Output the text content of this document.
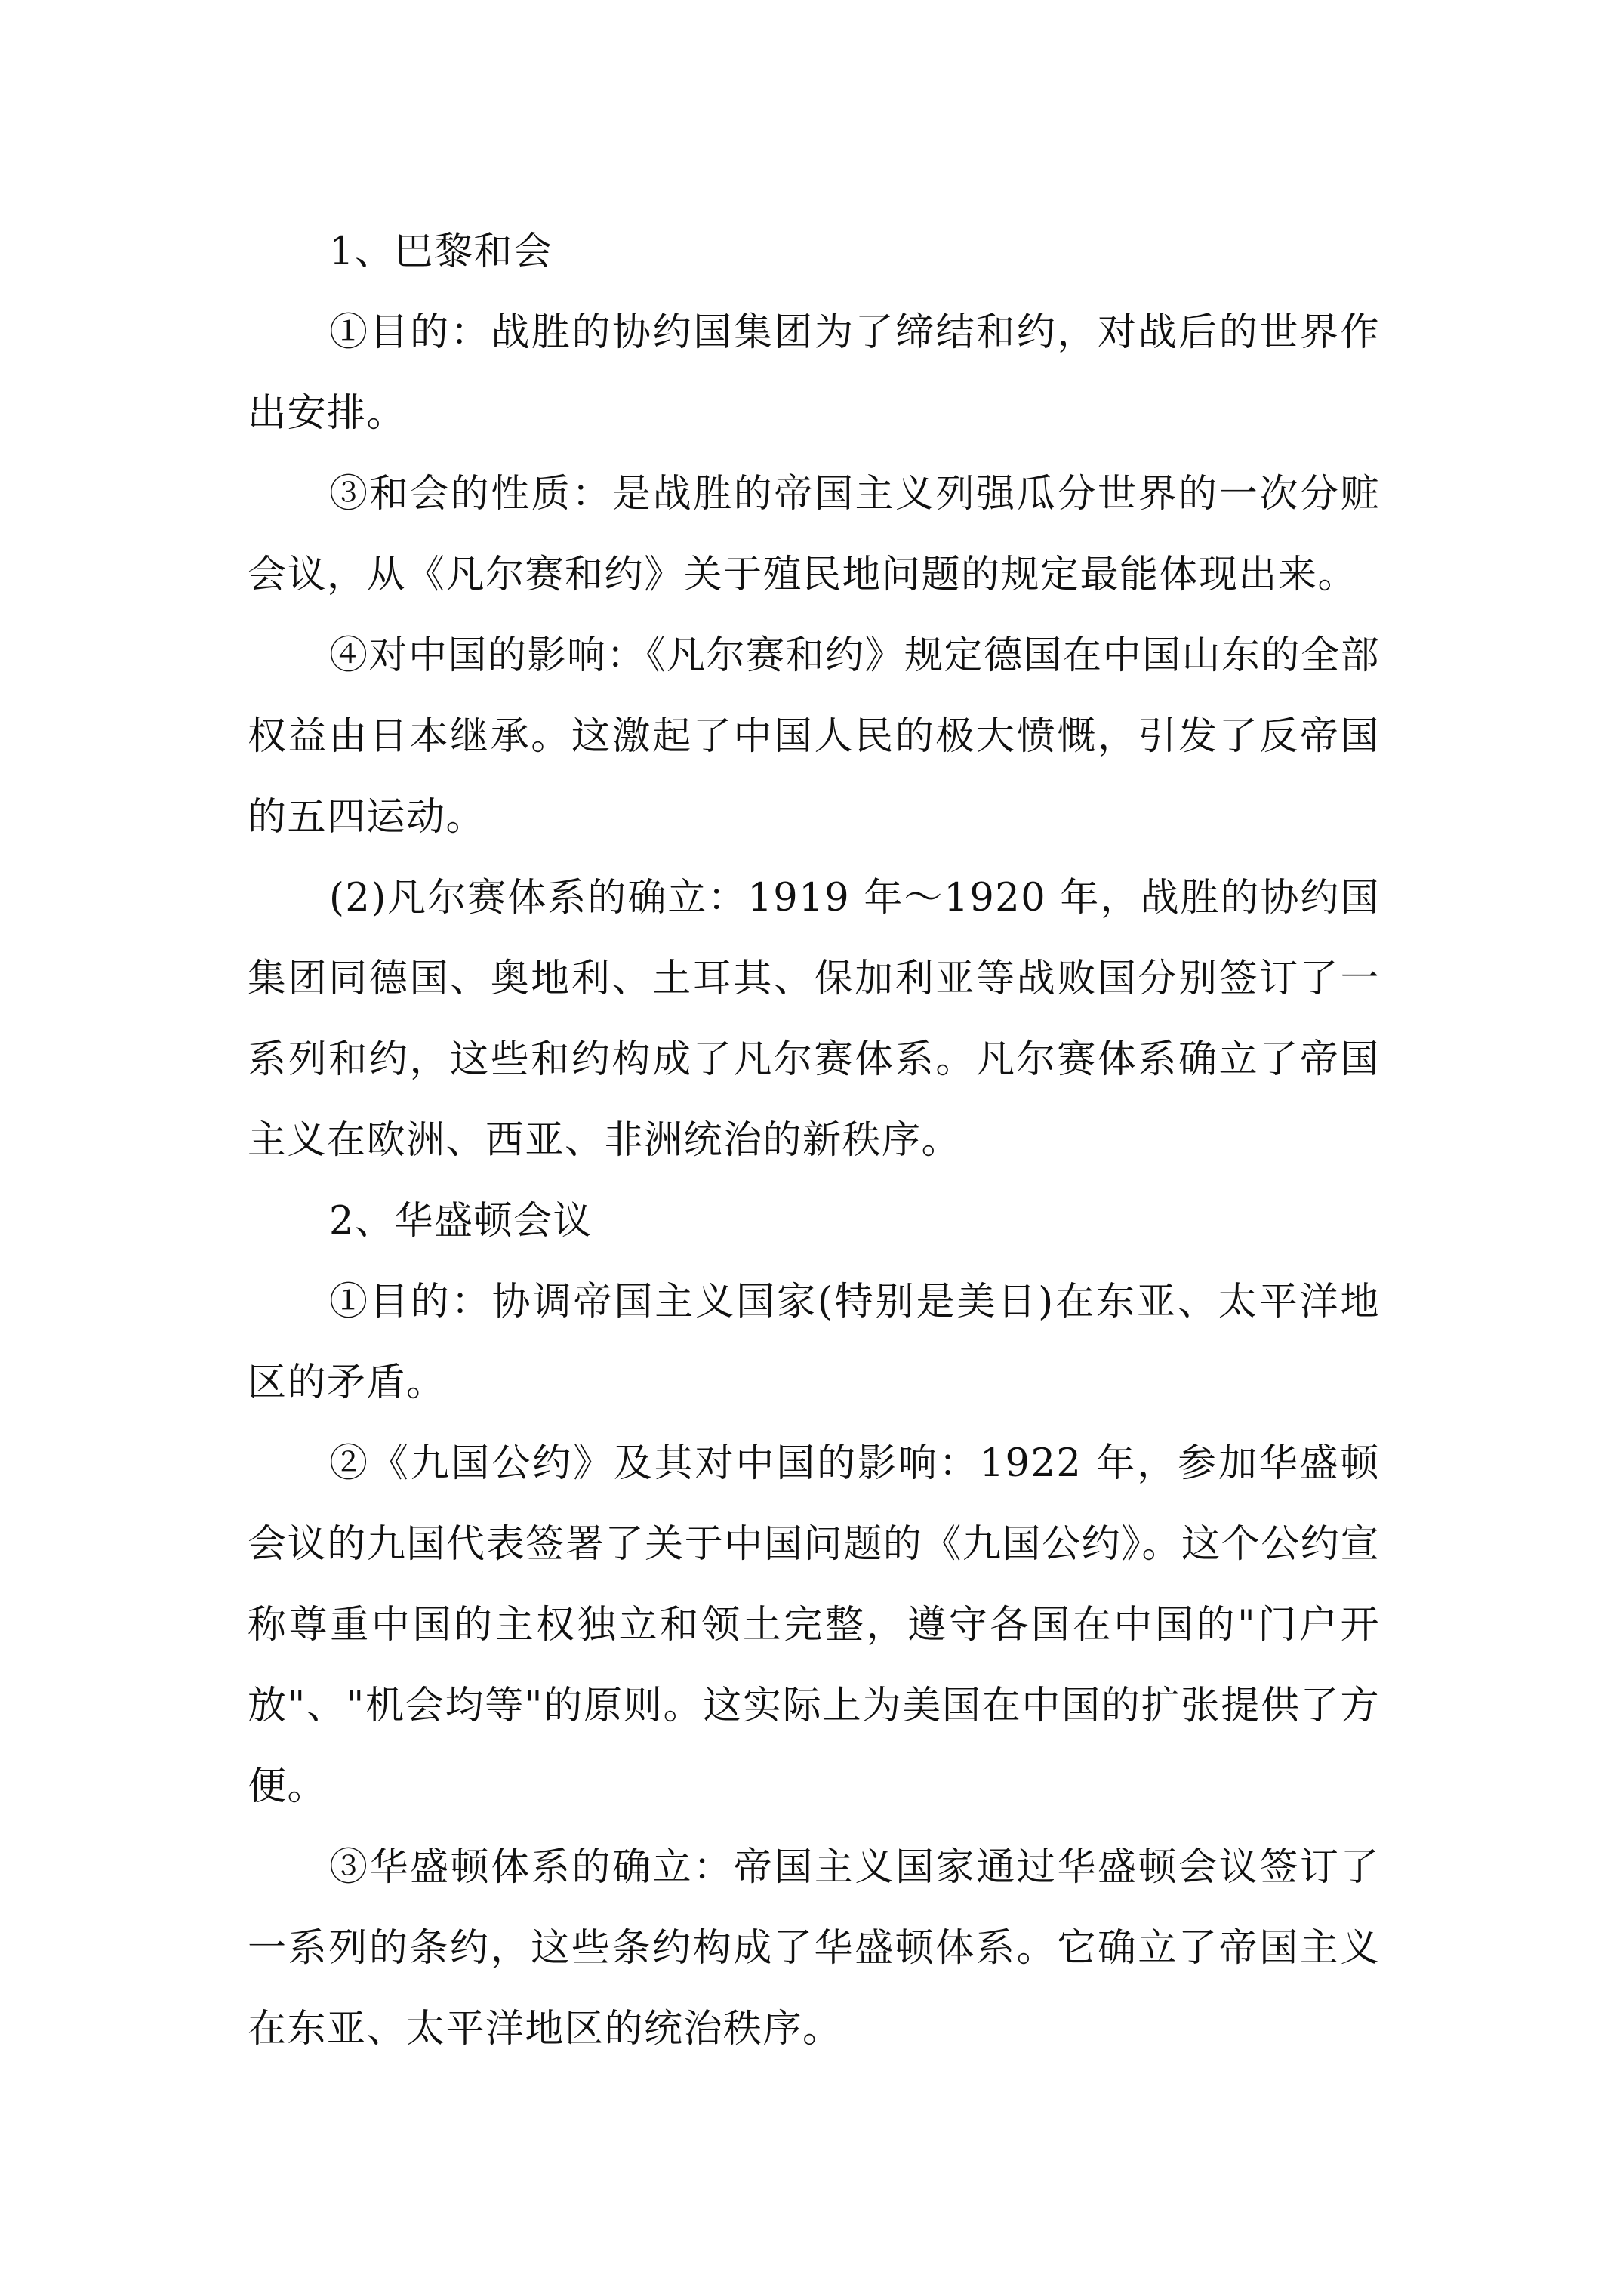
1、巴黎和会

①目的：战胜的协约国集团为了缔结和约，对战后的世界作出安排。

③和会的性质：是战胜的帝国主义列强瓜分世界的一次分赃会议，从《凡尔赛和约》关于殖民地问题的规定最能体现出来。

④对中国的影响：《凡尔赛和约》规定德国在中国山东的全部权益由日本继承。这激起了中国人民的极大愤慨，引发了反帝国的五四运动。

(2)凡尔赛体系的确立：1919 年～1920 年，战胜的协约国集团同德国、奥地利、土耳其、保加利亚等战败国分别签订了一系列和约，这些和约构成了凡尔赛体系。凡尔赛体系确立了帝国主义在欧洲、西亚、非洲统治的新秩序。

2、华盛顿会议

①目的：协调帝国主义国家(特别是美日)在东亚、太平洋地区的矛盾。

②《九国公约》及其对中国的影响：1922 年，参加华盛顿会议的九国代表签署了关于中国问题的《九国公约》。这个公约宣称尊重中国的主权独立和领土完整，遵守各国在中国的"门户开放"、"机会均等"的原则。这实际上为美国在中国的扩张提供了方便。

③华盛顿体系的确立：帝国主义国家通过华盛顿会议签订了一系列的条约，这些条约构成了华盛顿体系。它确立了帝国主义在东亚、太平洋地区的统治秩序。
